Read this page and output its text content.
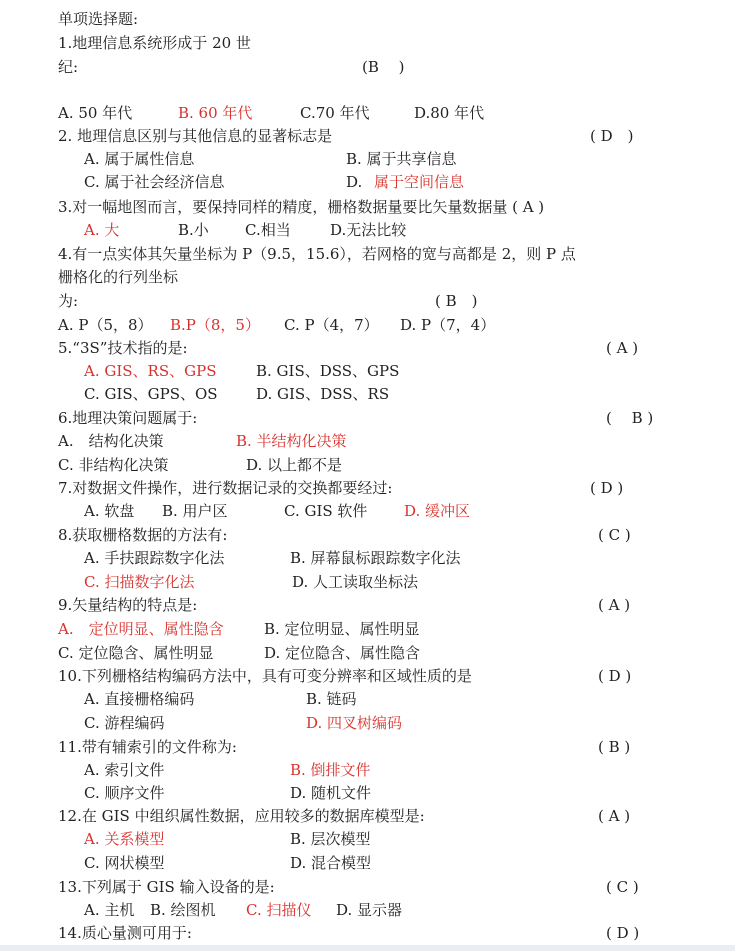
单项选择题:
1.地理信息系统形成于 20 世
纪:	(B　 )
A. 50 年代	B. 60 年代	C.70 年代	D.80 年代
2. 地理信息区别与其他信息的显著标志是	( D　)
A. 属于属性信息	B. 属于共享信息
C. 属于社会经济信息	D. 属于空间信息
3.对一幅地图而言，要保持同样的精度，栅格数据量要比矢量数据量 ( A )
A. 大	B.小 C.相当	D.无法比较
4.有一点实体其矢量坐标为 P（9.5，15.6），若网格的宽与高都是 2，则 P 点
栅格化的行列坐标
为:	( B　)
A. P（5，8） B.P（8，5） C. P（4，7） D. P（7，4）
5.“3S”技术指的是:	( A )
A. GIS、RS、GPS	B. GIS、DSS、GPS
C. GIS、GPS、OS	D. GIS、DSS、RS
6.地理决策问题属于:	(　 B )
A.　结构化决策	B. 半结构化决策
C. 非结构化决策	D. 以上都不是
7.对数据文件操作，进行数据记录的交换都要经过:	( D )
A. 软盘 B. 用户区	C. GIS 软件 D. 缓冲区
8.获取栅格数据的方法有:	( C )
A. 手扶跟踪数字化法	B. 屏幕鼠标跟踪数字化法
C. 扫描数字化法	D. 人工读取坐标法
9.矢量结构的特点是:	( A )
A.　定位明显、属性隐含	B. 定位明显、属性明显
C. 定位隐含、属性明显	D. 定位隐含、属性隐含
10.下列栅格结构编码方法中，具有可变分辨率和区域性质的是	( D )
A. 直接栅格编码	B. 链码
C. 游程编码	D. 四叉树编码
11.带有辅索引的文件称为:	( B )
A. 索引文件	B. 倒排文件
C. 顺序文件	D. 随机文件
12.在 GIS 中组织属性数据，应用较多的数据库模型是:	( A )
A. 关系模型	B. 层次模型
C. 网状模型	D. 混合模型
13.下列属于 GIS 输入设备的是:	( C )
A. 主机 B. 绘图机 C. 扫描仪 D. 显示器
14.质心量测可用于:	( D )
